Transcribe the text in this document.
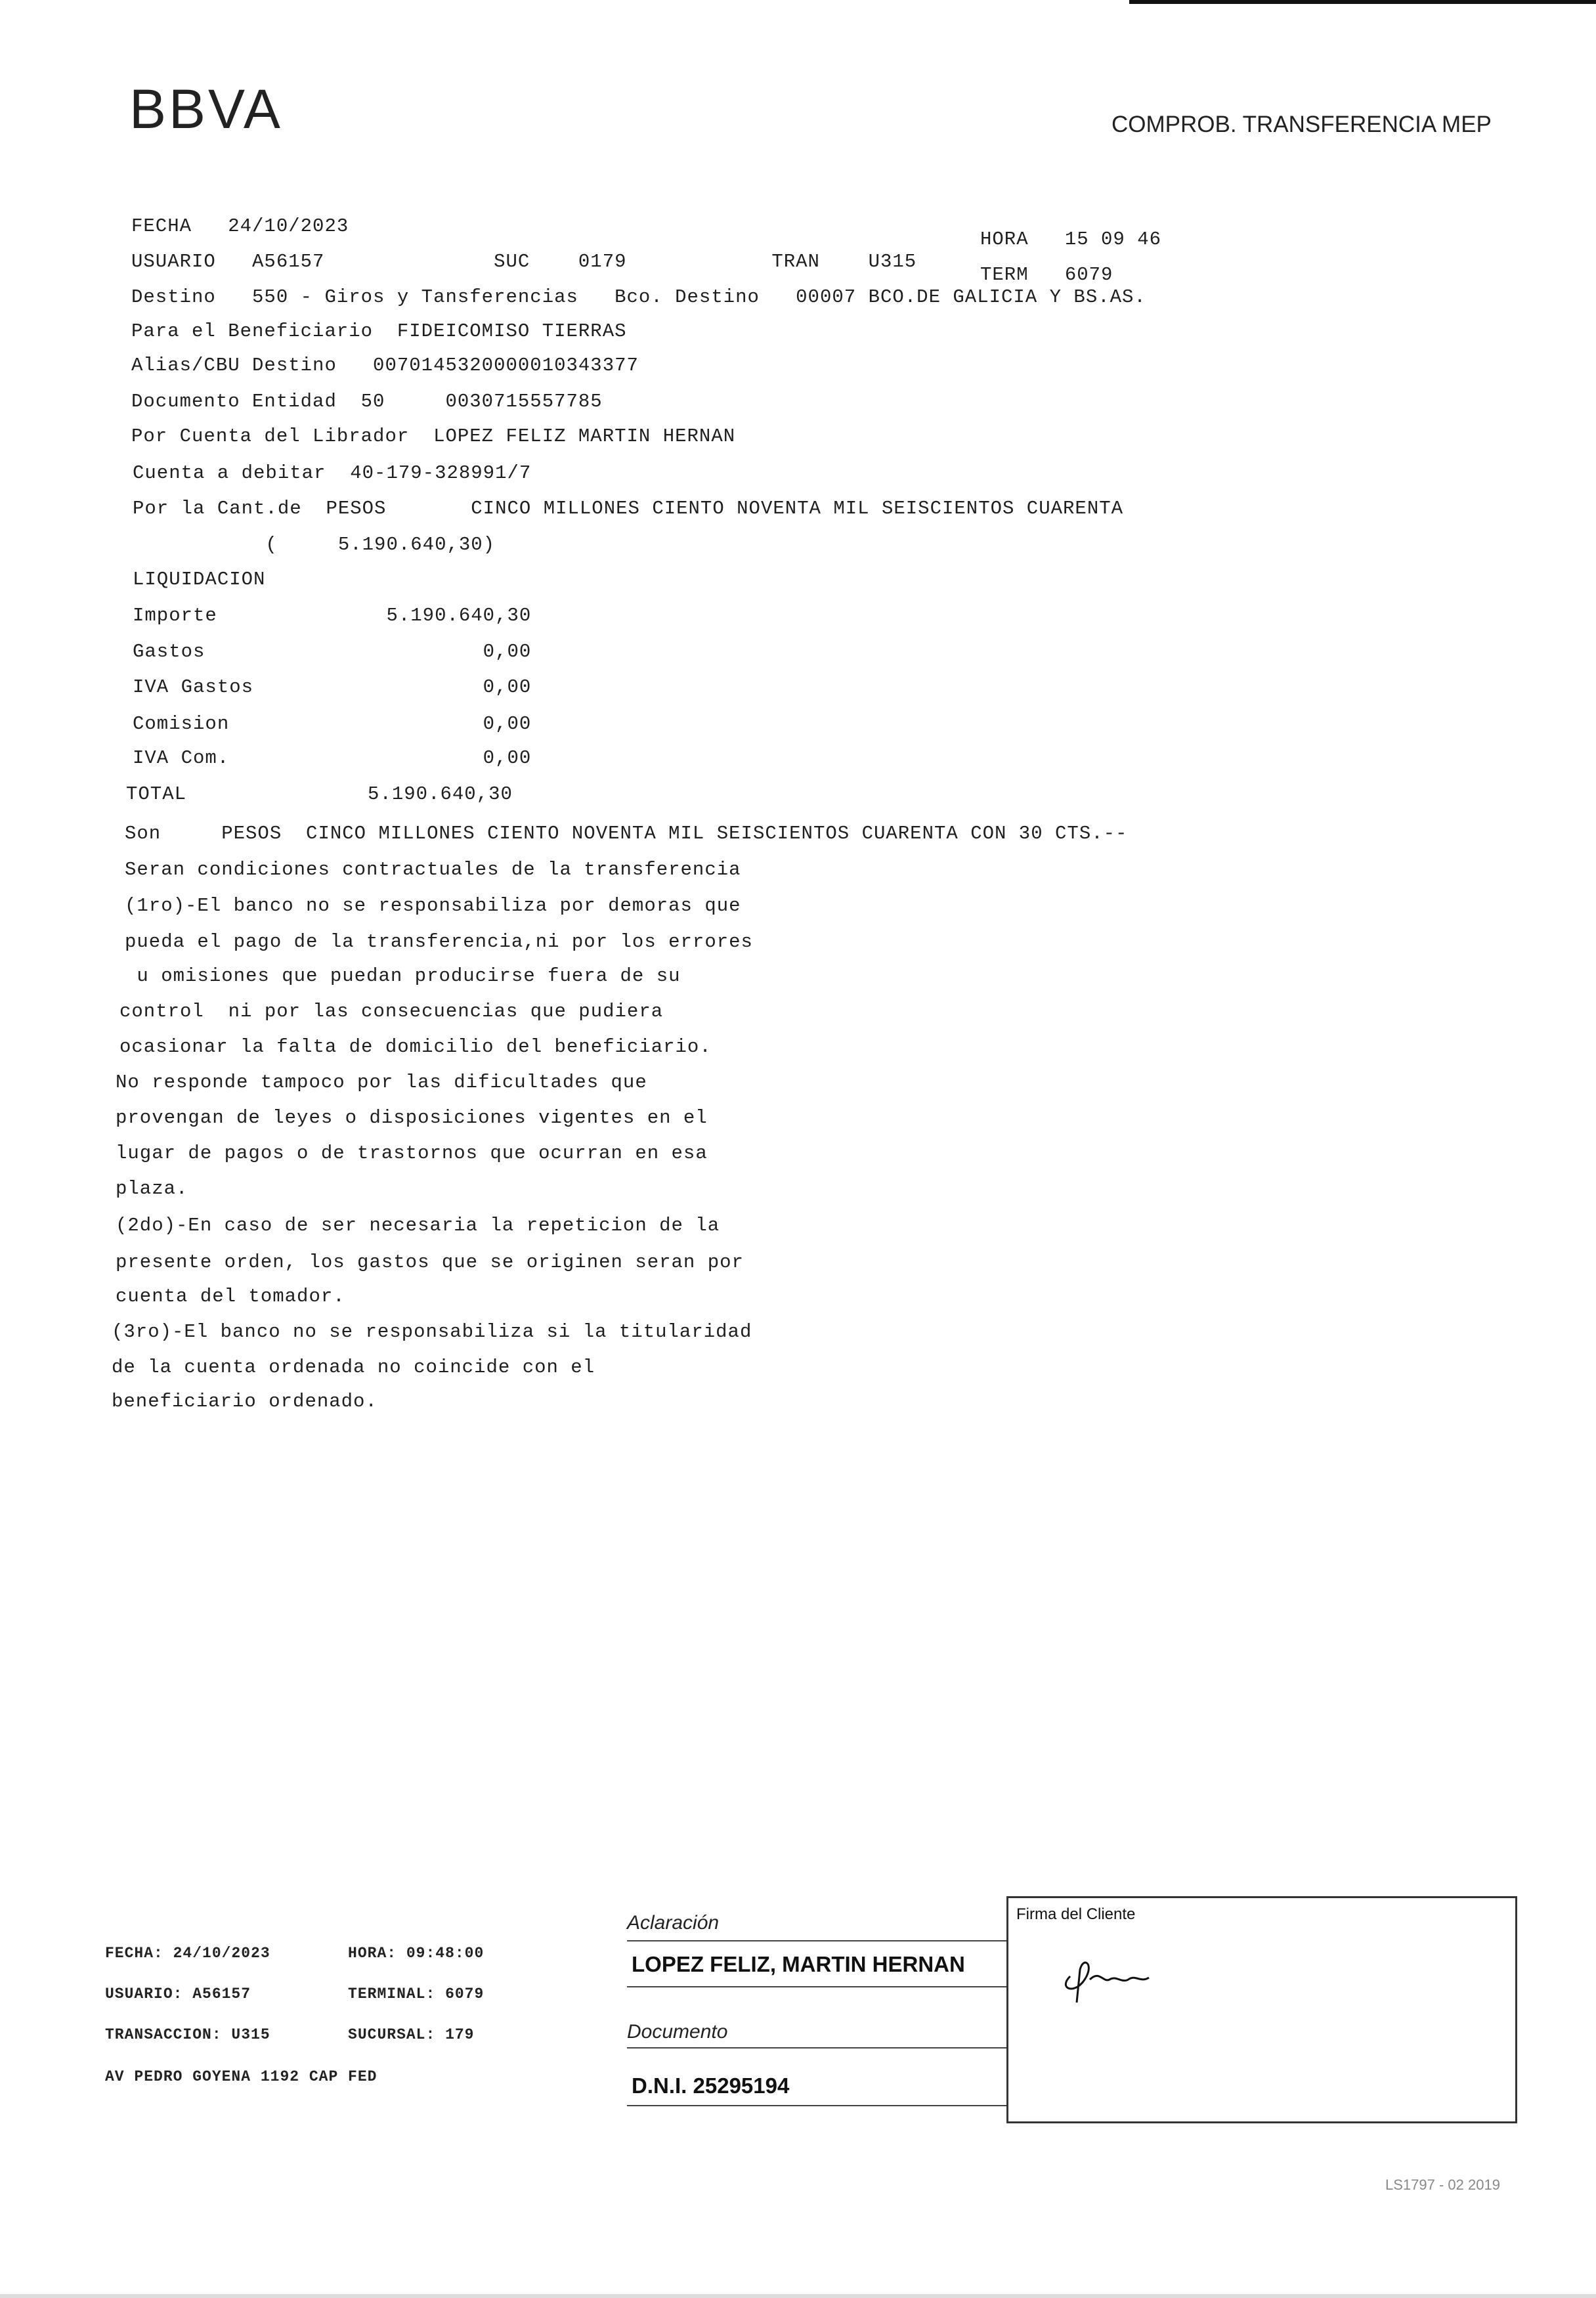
BBVA	COMPROB. TRANSFERENCIA MEP
HORA   15 09 46
TERM   6079
FECHA   24/10/2023
USUARIO   A56157              SUC    0179            TRAN    U315
Destino   550 - Giros y Tansferencias   Bco. Destino   00007 BCO.DE GALICIA Y BS.AS.
Para el Beneficiario  FIDEICOMISO TIERRAS
Alias/CBU Destino   0070145320000010343377
Documento Entidad  50     0030715557785
Por Cuenta del Librador  LOPEZ FELIZ MARTIN HERNAN
Cuenta a debitar  40-179-328991/7
Por la Cant.de  PESOS       CINCO MILLONES CIENTO NOVENTA MIL SEISCIENTOS CUARENTA
(     5.190.640,30)
LIQUIDACION
Importe              5.190.640,30
Gastos                       0,00
IVA Gastos                   0,00
Comision                     0,00
IVA Com.                     0,00
TOTAL               5.190.640,30
Son     PESOS  CINCO MILLONES CIENTO NOVENTA MIL SEISCIENTOS CUARENTA CON 30 CTS.--
Seran condiciones contractuales de la transferencia
(1ro)-El banco no se responsabiliza por demoras que
pueda el pago de la transferencia,ni por los errores
u omisiones que puedan producirse fuera de su
control  ni por las consecuencias que pudiera
ocasionar la falta de domicilio del beneficiario.
No responde tampoco por las dificultades que
provengan de leyes o disposiciones vigentes en el
lugar de pagos o de trastornos que ocurran en esa
plaza.
(2do)-En caso de ser necesaria la repeticion de la
presente orden, los gastos que se originen seran por
cuenta del tomador.
(3ro)-El banco no se responsabiliza si la titularidad
de la cuenta ordenada no coincide con el
beneficiario ordenado.
FECHA: 24/10/2023        HORA: 09:48:00
USUARIO: A56157          TERMINAL: 6079
TRANSACCION: U315        SUCURSAL: 179
AV PEDRO GOYENA 1192 CAP FED
Aclaración
LOPEZ FELIZ, MARTIN HERNAN
Documento
D.N.I. 25295194
Firma del Cliente
LS1797 - 02 2019
